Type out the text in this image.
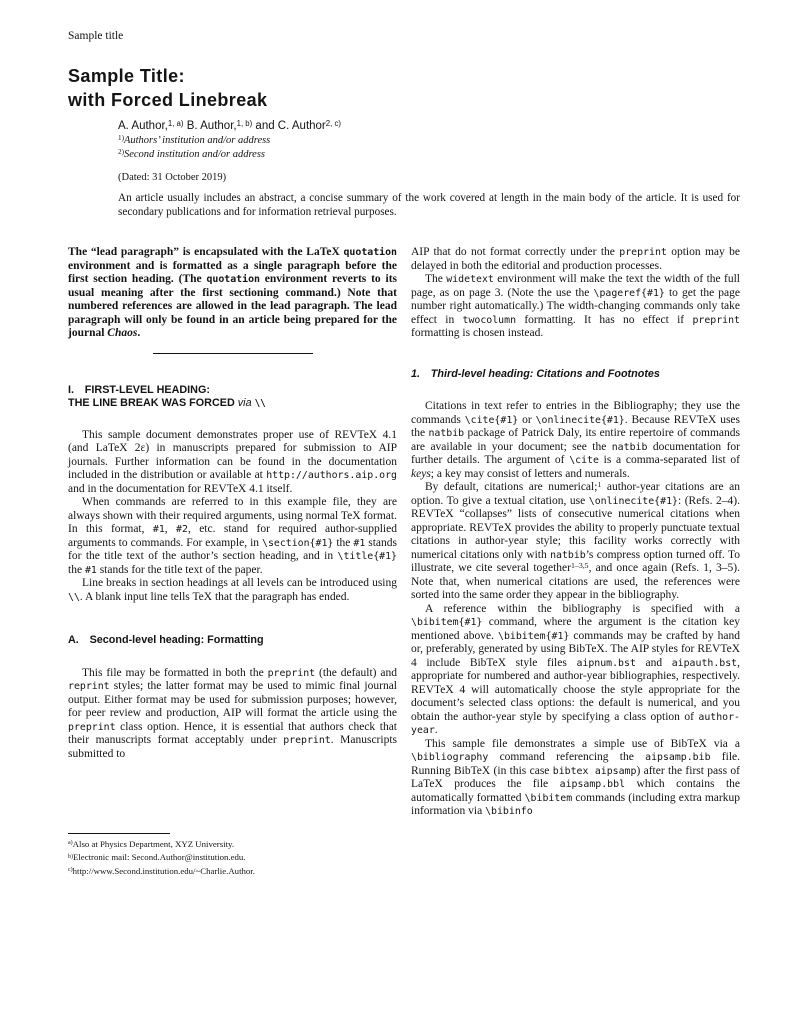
Sample title
Sample Title:
with Forced Linebreak
A. Author,$^{1, a)}$ B. Author,$^{1, b)}$ and C. Author$^{2, c)}$
$^{1)}$Authors’ institution and/or address
$^{2)}$Second institution and/or address
(Dated: 31 October 2019)
An article usually includes an abstract, a concise summary of the work covered at length in the main body of the article. It is used for secondary publications and for information retrieval purposes.

The “lead paragraph” is encapsulated with the LaTeX quotation environment and is formatted as a single paragraph before the first section heading. (The quotation environment reverts to its usual meaning after the first sectioning command.) Note that numbered references are allowed in the lead paragraph. The lead paragraph will only be found in an article being prepared for the journal Chaos.

I. FIRST-LEVEL HEADING:
THE LINE BREAK WAS FORCED via \\

This sample document demonstrates proper use of REVTeX 4.1 (and LaTeX 2ε) in manuscripts prepared for submission to AIP journals. Further information can be found in the documentation included in the distribution or available at http://authors.aip.org and in the documentation for REVTeX 4.1 itself.

When commands are referred to in this example file, they are always shown with their required arguments, using normal TeX format. In this format, #1, #2, etc. stand for required author-supplied arguments to commands. For example, in \section{#1} the #1 stands for the title text of the author’s section heading, and in \title{#1} the #1 stands for the title text of the paper.

Line breaks in section headings at all levels can be introduced using \\. A blank input line tells TeX that the paragraph has ended.

A. Second-level heading: Formatting

This file may be formatted in both the preprint (the default) and reprint styles; the latter format may be used to mimic final journal output. Either format may be used for submission purposes; however, for peer review and production, AIP will format the article using the preprint class option. Hence, it is essential that authors check that their manuscripts format acceptably under preprint. Manuscripts submitted to

$^{a)}$Also at Physics Department, XYZ University.

$^{b)}$Electronic mail: Second.Author@institution.edu.

$^{c)}$http://www.Second.institution.edu/~Charlie.Author.

AIP that do not format correctly under the preprint option may be delayed in both the editorial and production processes.

The widetext environment will make the text the width of the full page, as on page 3. (Note the use the \pageref{#1} to get the page number right automatically.) The width-changing commands only take effect in twocolumn formatting. It has no effect if preprint formatting is chosen instead.

1. Third-level heading: Citations and Footnotes

Citations in text refer to entries in the Bibliography; they use the commands \cite{#1} or \onlinecite{#1}. Because REVTeX uses the natbib package of Patrick Daly, its entire repertoire of commands are available in your document; see the natbib documentation for further details. The argument of \cite is a comma-separated list of keys; a key may consist of letters and numerals.

By default, citations are numerical;$^1$ author-year citations are an option. To give a textual citation, use \onlinecite{#1}: (Refs. 2–4). REVTeX “collapses” lists of consecutive numerical citations when appropriate. REVTeX provides the ability to properly punctuate textual citations in author-year style; this facility works correctly with numerical citations only with natbib’s compress option turned off. To illustrate, we cite several together$^{1-3,5}$, and once again (Refs. 1, 3–5). Note that, when numerical citations are used, the references were sorted into the same order they appear in the bibliography.

A reference within the bibliography is specified with a \bibitem{#1} command, where the argument is the citation key mentioned above. \bibitem{#1} commands may be crafted by hand or, preferably, generated by using BibTeX. The AIP styles for REVTeX 4 include BibTeX style files aipnum.bst and aipauth.bst, appropriate for numbered and author-year bibliographies, respectively. REVTeX 4 will automatically choose the style appropriate for the document’s selected class options: the default is numerical, and you obtain the author-year style by specifying a class option of author-year.

This sample file demonstrates a simple use of BibTeX via a \bibliography command referencing the aipsamp.bib file. Running BibTeX (in this case bibtex aipsamp) after the first pass of LaTeX produces the file aipsamp.bbl which contains the automatically formatted \bibitem commands (including extra markup information via \bibinfo
